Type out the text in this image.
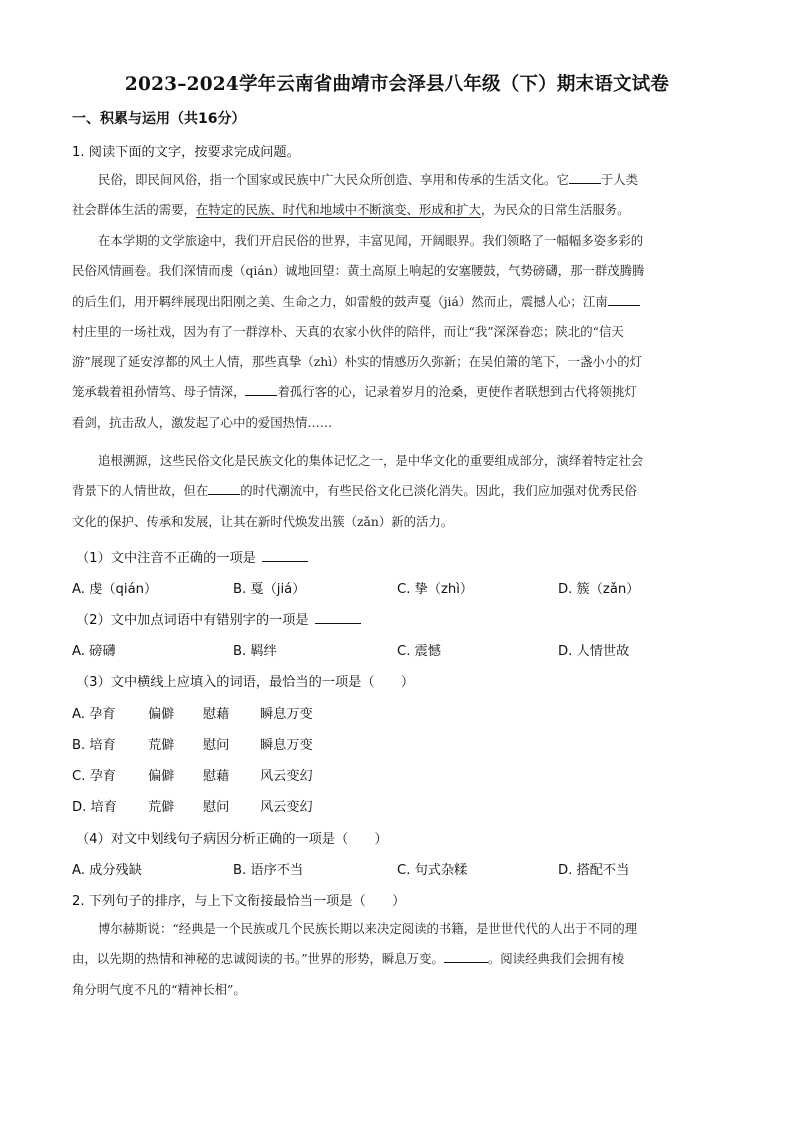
2023–2024学年云南省曲靖市会泽县八年级（下）期末语文试卷
一、积累与运用（共16分）
1. 阅读下面的文字，按要求完成问题。
民俗，即民间风俗，指一个国家或民族中广大民众所创造、享用和传承的生活文化。它	于人类
社会群体生活的需要，在特定的民族、时代和地域中不断演变、形成和扩大，为民众的日常生活服务。
在本学期的文学旅途中，我们开启民俗的世界，丰富见闻，开阔眼界。我们领略了一幅幅多姿多彩的
民俗风情画卷。我们深情而虔（qián）诚地回望：黄土高原上响起的安塞腰鼓，气势磅礴，那一群茂腾腾
的后生们，用开羁绊展现出阳刚之美、生命之力，如雷般的鼓声戛（jiá）然而止，震撼人心；江南
村庄里的一场社戏，因为有了一群淳朴、天真的农家小伙伴的陪伴，而让“我”深深眷恋；陕北的“信天
游”展现了延安淳都的风土人情，那些真挚（zhì）朴实的情感历久弥新；在吴伯箫的笔下，一盏小小的灯
笼承载着祖孙情笃、母子情深，	着孤行客的心，记录着岁月的沧桑，更使作者联想到古代将领挑灯
看剑，抗击敌人，激发起了心中的爱国热情……
追根溯源，这些民俗文化是民族文化的集体记忆之一，是中华文化的重要组成部分，演绎着特定社会
背景下的人情世故，但在	的时代潮流中，有些民俗文化已淡化消失。因此，我们应加强对优秀民俗
文化的保护、传承和发展，让其在新时代焕发出簇（zǎn）新的活力。
（1）文中注音不正确的一项是
A. 虔（qián）	B. 戛（jiá）	C. 挚（zhì）	D. 簇（zǎn）
（2）文中加点词语中有错别字的一项是
A. 磅礴	B. 羁绊	C. 震憾	D. 人情世故
（3）文中横线上应填入的词语，最恰当的一项是（　　）
A. 孕育 偏僻 慰藉 瞬息万变
B. 培育 荒僻 慰问 瞬息万变
C. 孕育 偏僻 慰藉 风云变幻
D. 培育 荒僻 慰问 风云变幻
（4）对文中划线句子病因分析正确的一项是（　　）
A. 成分残缺	B. 语序不当	C. 句式杂糅	D. 搭配不当
2. 下列句子的排序，与上下文衔接最恰当一项是（　　）
博尔赫斯说：“经典是一个民族或几个民族长期以来决定阅读的书籍，是世世代代的人出于不同的理
由，以先期的热情和神秘的忠诚阅读的书。”世界的形势，瞬息万变。	。阅读经典我们会拥有棱
角分明气度不凡的“精神长相”。
